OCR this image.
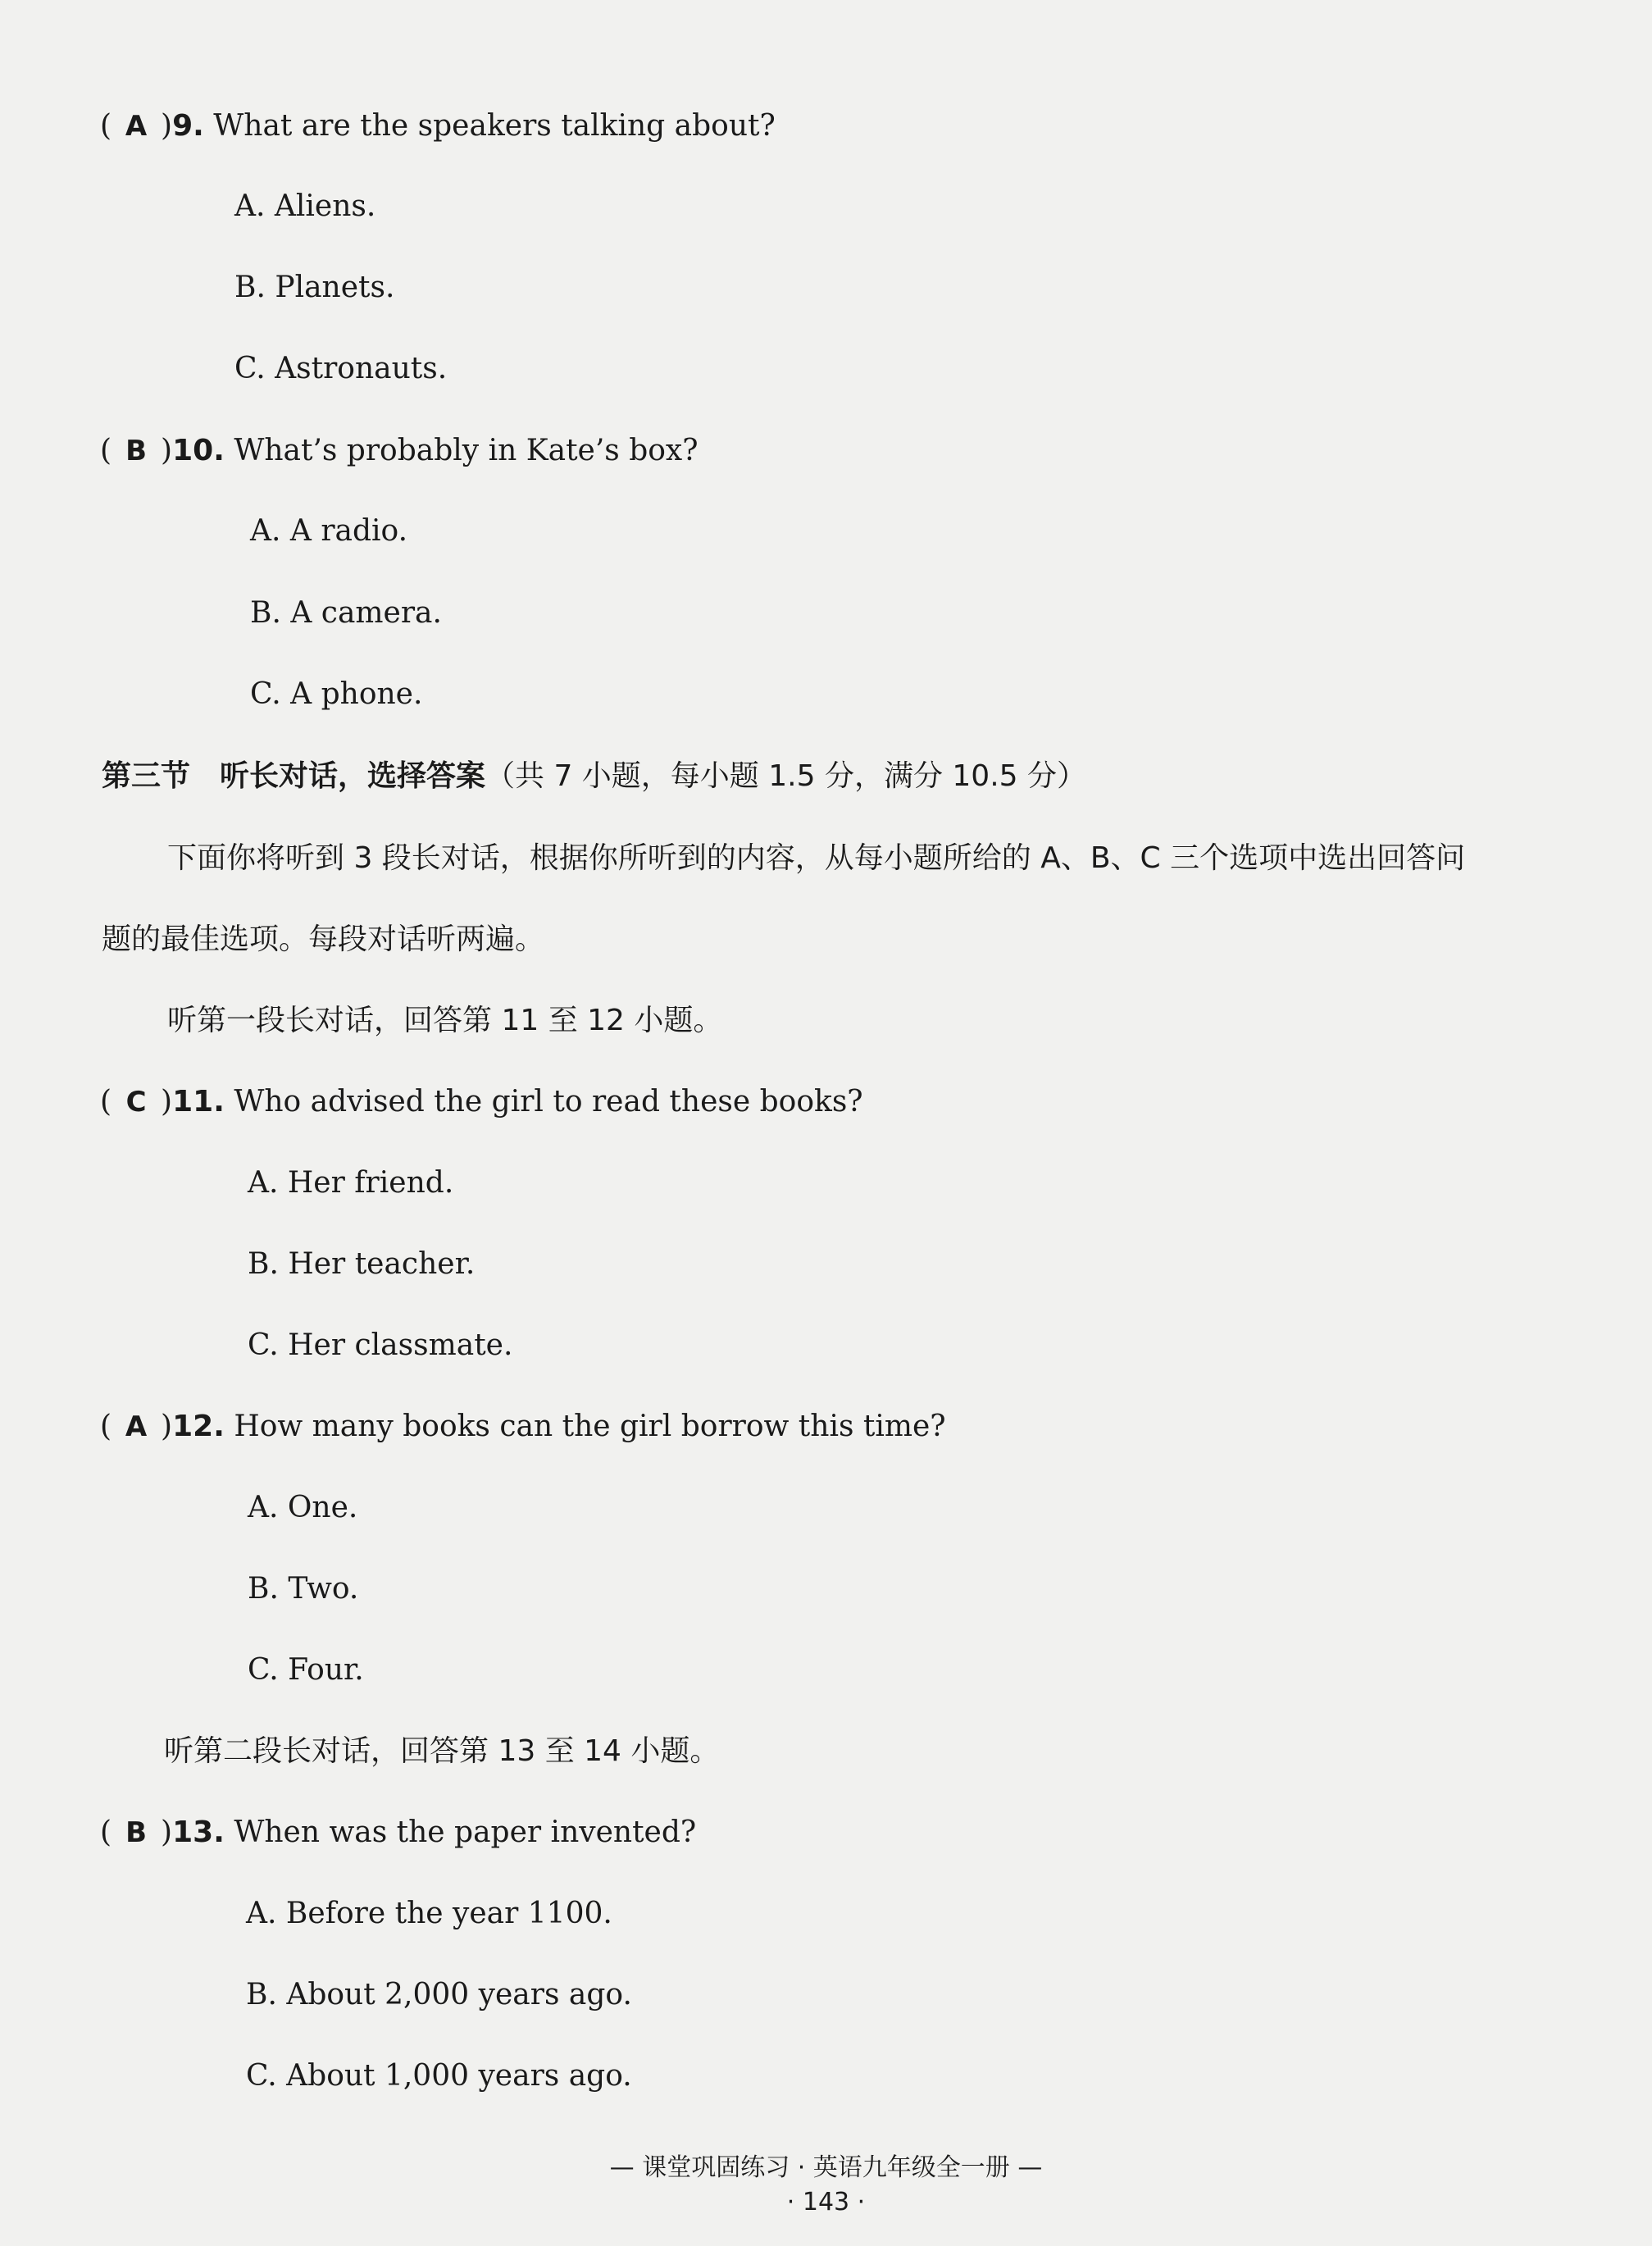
( A )9. What are the speakers talking about?
A. Aliens.
B. Planets.
C. Astronauts.
( B )10. What’s probably in Kate’s box?
A. A radio.
B. A camera.
C. A phone.
第三节　听长对话，选择答案（共 7 小题，每小题 1.5 分，满分 10.5 分）
下面你将听到 3 段长对话，根据你所听到的内容，从每小题所给的 A、B、C 三个选项中选出回答问
题的最佳选项。每段对话听两遍。
听第一段长对话，回答第 11 至 12 小题。
( C )11. Who advised the girl to read these books?
A. Her friend.
B. Her teacher.
C. Her classmate.
( A )12. How many books can the girl borrow this time?
A. One.
B. Two.
C. Four.
听第二段长对话，回答第 13 至 14 小题。
( B )13. When was the paper invented?
A. Before the year 1100.
B. About 2,000 years ago.
C. About 1,000 years ago.
— 课堂巩固练习 · 英语九年级全一册 —
· 143 ·
